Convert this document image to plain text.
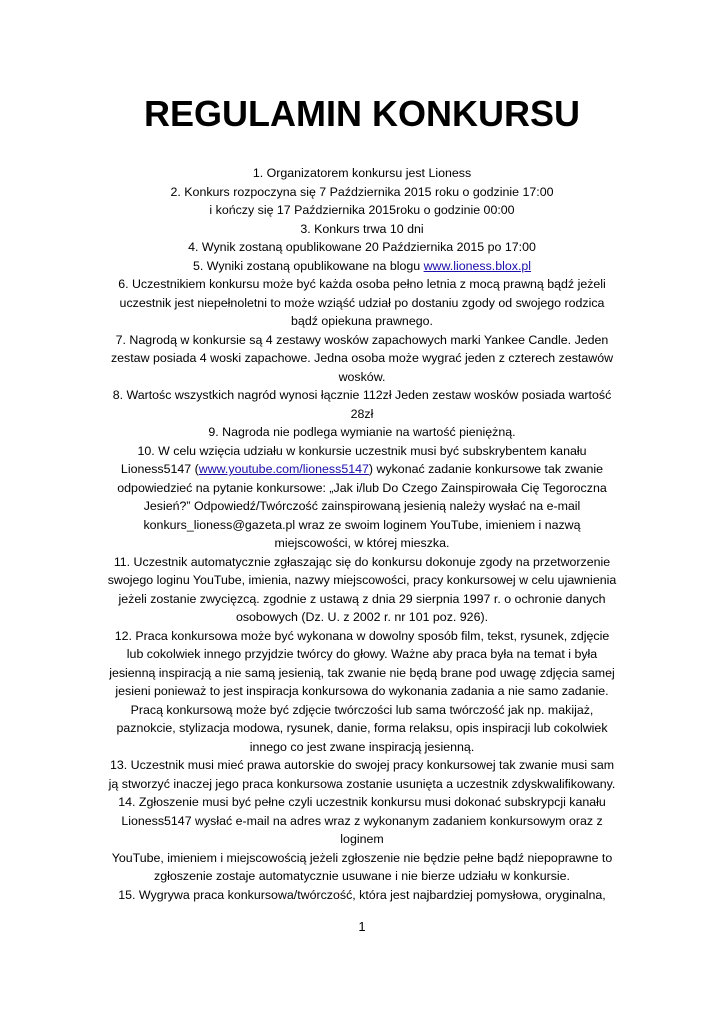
REGULAMIN KONKURSU

1. Organizatorem konkursu jest Lioness

2. Konkurs rozpoczyna się 7 Października 2015 roku o godzinie 17:00

i kończy się 17 Października 2015roku o godzinie 00:00

3. Konkurs trwa 10 dni

4. Wynik zostaną opublikowane 20 Października 2015 po 17:00

5. Wyniki zostaną opublikowane na blogu www.lioness.blox.pl

6. Uczestnikiem konkursu może być każda osoba pełno letnia z mocą prawną bądź jeżeli

uczestnik jest niepełnoletni to może wziąść udział po dostaniu zgody od swojego rodzica

bądź opiekuna prawnego.

7. Nagrodą w konkursie są 4 zestawy wosków zapachowych marki Yankee Candle. Jeden

zestaw posiada 4 woski zapachowe. Jedna osoba może wygrać jeden z czterech zestawów

wosków.

8. Wartośc wszystkich nagród wynosi łącznie 112zł Jeden zestaw wosków posiada wartość

28zł

9. Nagroda nie podlega wymianie na wartość pieniężną.

10. W celu wzięcia udziału w konkursie uczestnik musi być subskrybentem kanału

Lioness5147 (www.youtube.com/lioness5147) wykonać zadanie konkursowe tak zwanie

odpowiedzieć na pytanie konkursowe: „Jak i/lub Do Czego Zainspirowała Cię Tegoroczna

Jesień?” Odpowiedź/Twórczość zainspirowaną jesienią należy wysłać na e-mail

konkurs_lioness@gazeta.pl wraz ze swoim loginem YouTube, imieniem i nazwą

miejscowości, w której mieszka.

11. Uczestnik automatycznie zgłaszając się do konkursu dokonuje zgody na przetworzenie

swojego loginu YouTube, imienia, nazwy miejscowości, pracy konkursowej w celu ujawnienia

jeżeli zostanie zwycięzcą. zgodnie z ustawą z dnia 29 sierpnia 1997 r. o ochronie danych

osobowych (Dz. U. z 2002 r. nr 101 poz. 926).

12. Praca konkursowa może być wykonana w dowolny sposób film, tekst, rysunek, zdjęcie

lub cokolwiek innego przyjdzie twórcy do głowy. Ważne aby praca była na temat i była

jesienną inspiracją a nie samą jesienią, tak zwanie nie będą brane pod uwagę zdjęcia samej

jesieni ponieważ to jest inspiracja konkursowa do wykonania zadania a nie samo zadanie.

Pracą konkursową może być zdjęcie twórczości lub sama twórczość jak np. makijaż,

paznokcie, stylizacja modowa, rysunek, danie, forma relaksu, opis inspiracji lub cokolwiek

innego co jest zwane inspiracją jesienną.

13. Uczestnik musi mieć prawa autorskie do swojej pracy konkursowej tak zwanie musi sam

ją stworzyć inaczej jego praca konkursowa zostanie usunięta a uczestnik zdyskwalifikowany.

14. Zgłoszenie musi być pełne czyli uczestnik konkursu musi dokonać subskrypcji kanału

Lioness5147 wysłać e-mail na adres wraz z wykonanym zadaniem konkursowym oraz z

loginem

YouTube, imieniem i miejscowością jeżeli zgłoszenie nie będzie pełne bądź niepoprawne to

zgłoszenie zostaje automatycznie usuwane i nie bierze udziału w konkursie.

15. Wygrywa praca konkursowa/twórczość, która jest najbardziej pomysłowa, oryginalna,

1
